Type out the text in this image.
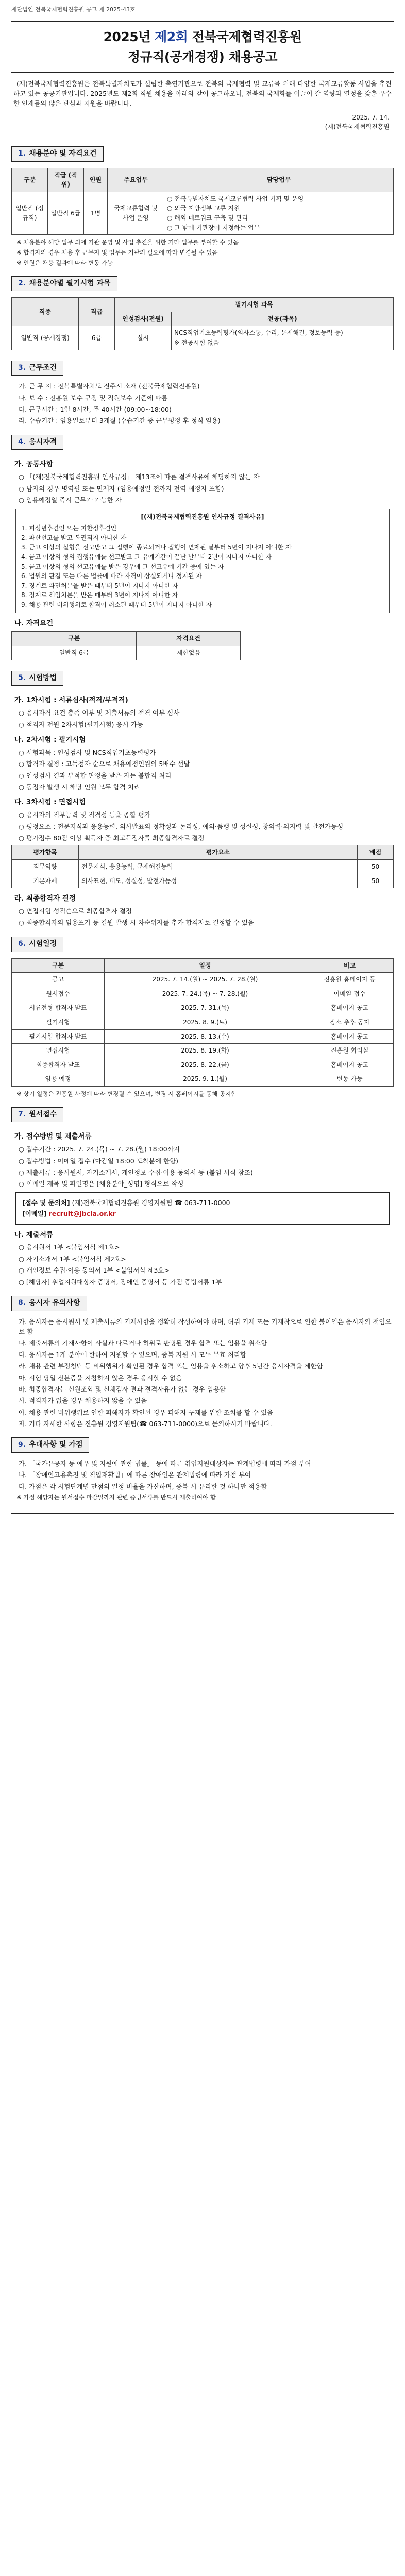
재단법인 전북국제협력진흥원 공고 제 2025-43호
2025년 제2회 전북국제협력진흥원
정규직(공개경쟁) 채용공고

(재)전북국제협력진흥원은 전북특별자치도가 설립한 출연기관으로 전북의 국제협력 및 교류를 위해 다양한 국제교류활동 사업을 추진하고 있는 공공기관입니다. 2025년도 제2회 직원 채용을 아래와 같이 공고하오니, 전북의 국제화를 이끌어 갈 역량과 열정을 갖춘 우수한 인재들의 많은 관심과 지원을 바랍니다.

2025. 7. 14.
(재)전북국제협력진흥원
1. 채용분야 및 자격요건
구분	직급 (직위)	인원	주요업무	담당업무
일반직 (정규직)	일반직 6급	1명	국제교류협력 및 사업 운영	○ 전북특별자치도 국제교류협력 사업 기획 및 운영
○ 외국 지방정부 교류 지원
○ 해외 네트워크 구축 및 관리
○ 그 밖에 기관장이 지정하는 업무
※ 채용분야 해당 업무 외에 기관 운영 및 사업 추진을 위한 기타 업무를 부여할 수 있음
※ 합격자의 경우 채용 후 근무지 및 업무는 기관의 필요에 따라 변경될 수 있음
※ 인원은 채용 결과에 따라 변동 가능
2. 채용분야별 필기시험 과목
직종	직급	필기시험 과목	
		인성검사(전원)	전공(과목)
일반직 (공개경쟁)	6급	실시	NCS직업기초능력평가(의사소통, 수리, 문제해결, 정보능력 등)
※ 전공시험 없음
3. 근무조건
가. 근 무 지 : 전북특별자치도 전주시 소재 (전북국제협력진흥원)
나. 보 수 : 진흥원 보수 규정 및 직원보수 기준에 따름
다. 근무시간 : 1일 8시간, 주 40시간 (09:00~18:00)
라. 수습기간 : 임용일로부터 3개월 (수습기간 중 근무평정 후 정식 임용)
4. 응시자격
가. 공통사항
○ 「(재)전북국제협력진흥원 인사규정」 제13조에 따른 결격사유에 해당하지 않는 자
○ 남자의 경우 병역필 또는 면제자 (임용예정일 전까지 전역 예정자 포함)
○ 임용예정일 즉시 근무가 가능한 자
[(재)전북국제협력진흥원 인사규정 결격사유]
1. 피성년후견인 또는 피한정후견인
2. 파산선고를 받고 복권되지 아니한 자
3. 금고 이상의 실형을 선고받고 그 집행이 종료되거나 집행이 면제된 날부터 5년이 지나지 아니한 자
4. 금고 이상의 형의 집행유예를 선고받고 그 유예기간이 끝난 날부터 2년이 지나지 아니한 자
5. 금고 이상의 형의 선고유예를 받은 경우에 그 선고유예 기간 중에 있는 자
6. 법원의 판결 또는 다른 법률에 따라 자격이 상실되거나 정지된 자
7. 징계로 파면처분을 받은 때부터 5년이 지나지 아니한 자
8. 징계로 해임처분을 받은 때부터 3년이 지나지 아니한 자
9. 채용 관련 비위행위로 합격이 취소된 때부터 5년이 지나지 아니한 자
나. 자격요건
구분	자격요건
일반직 6급	제한없음
5. 시험방법
가. 1차시험 : 서류심사(적격/부적격)
○ 응시자격 요건 충족 여부 및 제출서류의 적격 여부 심사
○ 적격자 전원 2차시험(필기시험) 응시 가능
나. 2차시험 : 필기시험
○ 시험과목 : 인성검사 및 NCS직업기초능력평가
○ 합격자 결정 : 고득점자 순으로 채용예정인원의 5배수 선발
○ 인성검사 결과 부적합 판정을 받은 자는 불합격 처리
○ 동점자 발생 시 해당 인원 모두 합격 처리
다. 3차시험 : 면접시험
○ 응시자의 직무능력 및 적격성 등을 종합 평가
○ 평정요소 : 전문지식과 응용능력, 의사발표의 정확성과 논리성, 예의·품행 및 성실성, 창의력·의지력 및 발전가능성
○ 평가점수 80점 이상 획득자 중 최고득점자를 최종합격자로 결정
평가항목	평가요소	배점
직무역량	전문지식, 응용능력, 문제해결능력	50
기본자세	의사표현, 태도, 성실성, 발전가능성	50
라. 최종합격자 결정
○ 면접시험 성적순으로 최종합격자 결정
○ 최종합격자의 임용포기 등 결원 발생 시 차순위자를 추가 합격자로 결정할 수 있음
6. 시험일정
구분	일정	비고
공고	2025. 7. 14.(월) ~ 2025. 7. 28.(월)	진흥원 홈페이지 등
원서접수	2025. 7. 24.(목) ~ 7. 28.(월)	이메일 접수
서류전형 합격자 발표	2025. 7. 31.(목)	홈페이지 공고
필기시험	2025. 8. 9.(토)	장소 추후 공지
필기시험 합격자 발표	2025. 8. 13.(수)	홈페이지 공고
면접시험	2025. 8. 19.(화)	진흥원 회의실
최종합격자 발표	2025. 8. 22.(금)	홈페이지 공고
임용 예정	2025. 9. 1.(월)	변동 가능
※ 상기 일정은 진흥원 사정에 따라 변경될 수 있으며, 변경 시 홈페이지를 통해 공지함
7. 원서접수
가. 접수방법 및 제출서류
○ 접수기간 : 2025. 7. 24.(목) ~ 7. 28.(월) 18:00까지
○ 접수방법 : 이메일 접수 (마감일 18:00 도착분에 한함)
○ 제출서류 : 응시원서, 자기소개서, 개인정보 수집·이용 동의서 등 (붙임 서식 참조)
○ 이메일 제목 및 파일명은 [채용분야_성명] 형식으로 작성
[접수 및 문의처] (재)전북국제협력진흥원 경영지원팀 ☎ 063-711-0000
[이메일] recruit@jbcia.or.kr
나. 제출서류
○ 응시원서 1부 <붙임서식 제1호>
○ 자기소개서 1부 <붙임서식 제2호>
○ 개인정보 수집·이용 동의서 1부 <붙임서식 제3호>
○ [해당자] 취업지원대상자 증명서, 장애인 증명서 등 가점 증빙서류 1부
8. 응시자 유의사항
가. 응시자는 응시원서 및 제출서류의 기재사항을 정확히 작성하여야 하며, 허위 기재 또는 기재착오로 인한 불이익은 응시자의 책임으로 함
나. 제출서류의 기재사항이 사실과 다르거나 허위로 판명된 경우 합격 또는 임용을 취소함
다. 응시자는 1개 분야에 한하여 지원할 수 있으며, 중복 지원 시 모두 무효 처리함
라. 채용 관련 부정청탁 등 비위행위가 확인된 경우 합격 또는 임용을 취소하고 향후 5년간 응시자격을 제한함
마. 시험 당일 신분증을 지참하지 않은 경우 응시할 수 없음
바. 최종합격자는 신원조회 및 신체검사 결과 결격사유가 없는 경우 임용함
사. 적격자가 없을 경우 채용하지 않을 수 있음
아. 채용 관련 비위행위로 인한 피해자가 확인된 경우 피해자 구제를 위한 조치를 할 수 있음
자. 기타 자세한 사항은 진흥원 경영지원팀(☎ 063-711-0000)으로 문의하시기 바랍니다.
9. 우대사항 및 가점
가. 「국가유공자 등 예우 및 지원에 관한 법률」 등에 따른 취업지원대상자는 관계법령에 따라 가점 부여
나. 「장애인고용촉진 및 직업재활법」에 따른 장애인은 관계법령에 따라 가점 부여
다. 가점은 각 시험단계별 만점의 일정 비율을 가산하며, 중복 시 유리한 것 하나만 적용함
※ 가점 해당자는 원서접수 마감일까지 관련 증빙서류를 반드시 제출하여야 함
